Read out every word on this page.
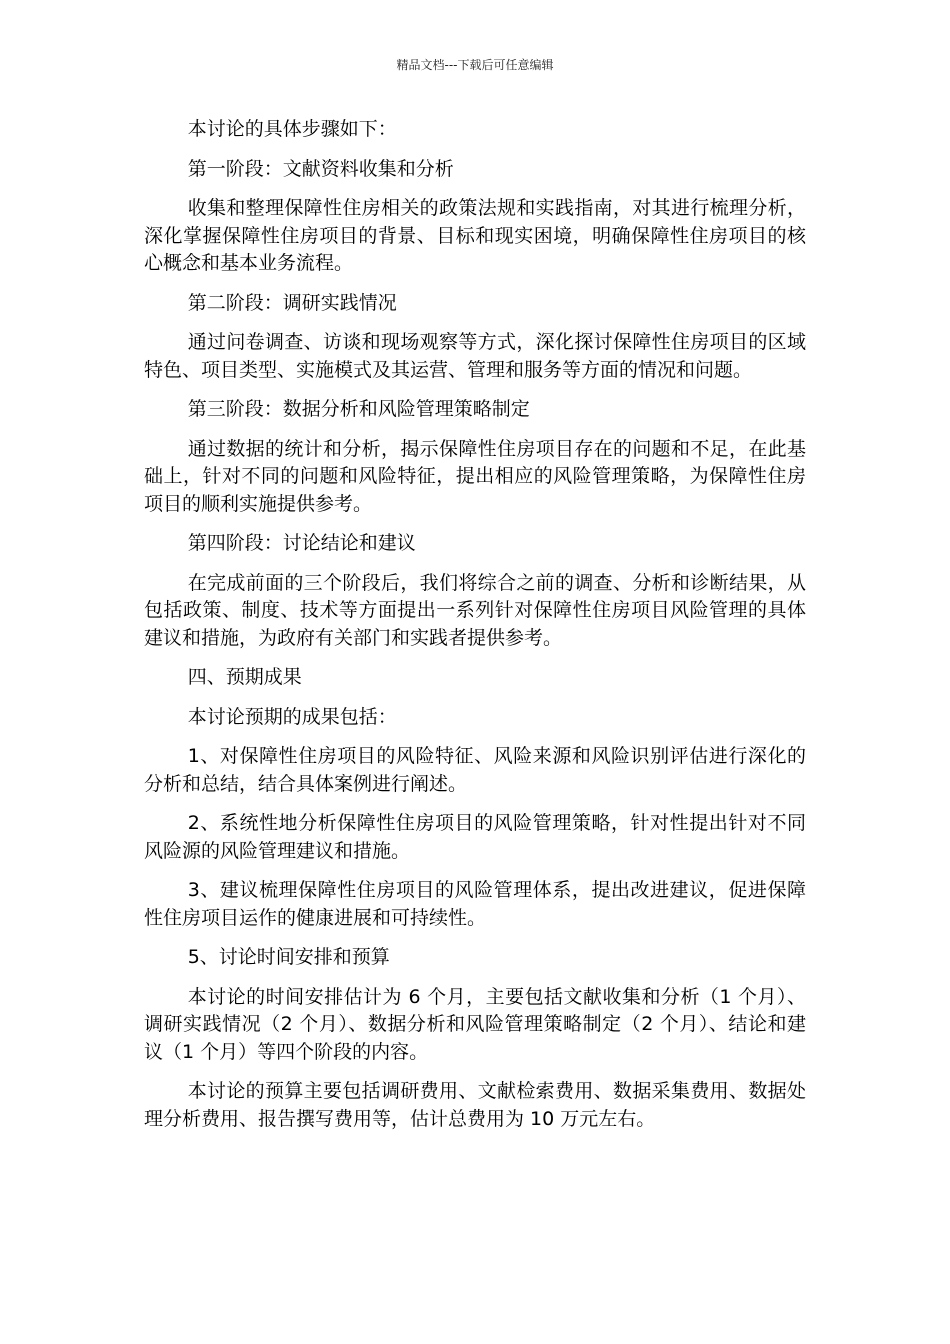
精品文档---下载后可任意编辑

本讨论的具体步骤如下：

第一阶段：文献资料收集和分析

收集和整理保障性住房相关的政策法规和实践指南，对其进行梳理分析，深化掌握保障性住房项目的背景、目标和现实困境，明确保障性住房项目的核心概念和基本业务流程。

第二阶段：调研实践情况

通过问卷调查、访谈和现场观察等方式，深化探讨保障性住房项目的区域特色、项目类型、实施模式及其运营、管理和服务等方面的情况和问题。

第三阶段：数据分析和风险管理策略制定

通过数据的统计和分析，揭示保障性住房项目存在的问题和不足，在此基础上，针对不同的问题和风险特征，提出相应的风险管理策略，为保障性住房项目的顺利实施提供参考。

第四阶段：讨论结论和建议

在完成前面的三个阶段后，我们将综合之前的调查、分析和诊断结果，从包括政策、制度、技术等方面提出一系列针对保障性住房项目风险管理的具体建议和措施，为政府有关部门和实践者提供参考。

四、预期成果

本讨论预期的成果包括：

1、对保障性住房项目的风险特征、风险来源和风险识别评估进行深化的分析和总结，结合具体案例进行阐述。

2、系统性地分析保障性住房项目的风险管理策略，针对性提出针对不同风险源的风险管理建议和措施。

3、建议梳理保障性住房项目的风险管理体系，提出改进建议，促进保障性住房项目运作的健康进展和可持续性。

5、讨论时间安排和预算

本讨论的时间安排估计为 6 个月，主要包括文献收集和分析（1 个月）、调研实践情况（2 个月）、数据分析和风险管理策略制定（2 个月）、结论和建议（1 个月）等四个阶段的内容。

本讨论的预算主要包括调研费用、文献检索费用、数据采集费用、数据处理分析费用、报告撰写费用等，估计总费用为 10 万元左右。
